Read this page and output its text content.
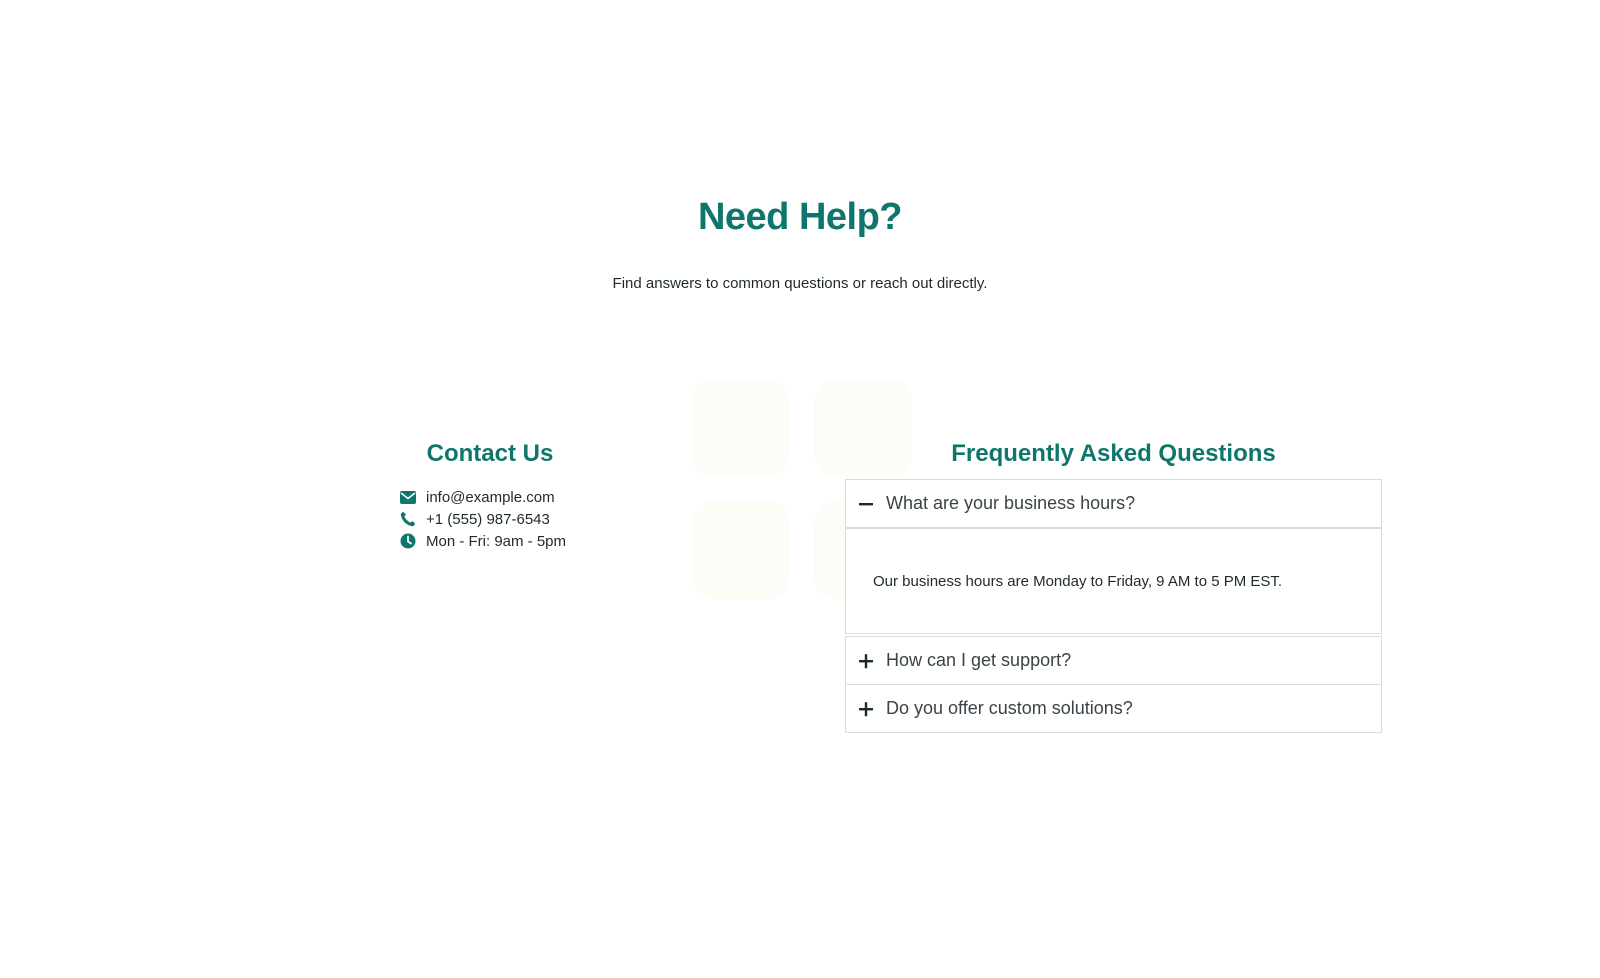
Need Help?

Find answers to common questions or reach out directly.

Contact Us
info@example.com
+1 (555) 987-6543
Mon - Fri: 9am - 5pm
Frequently Asked Questions
What are your business hours?
Our business hours are Monday to Friday, 9 AM to 5 PM EST.
How can I get support?
Do you offer custom solutions?
